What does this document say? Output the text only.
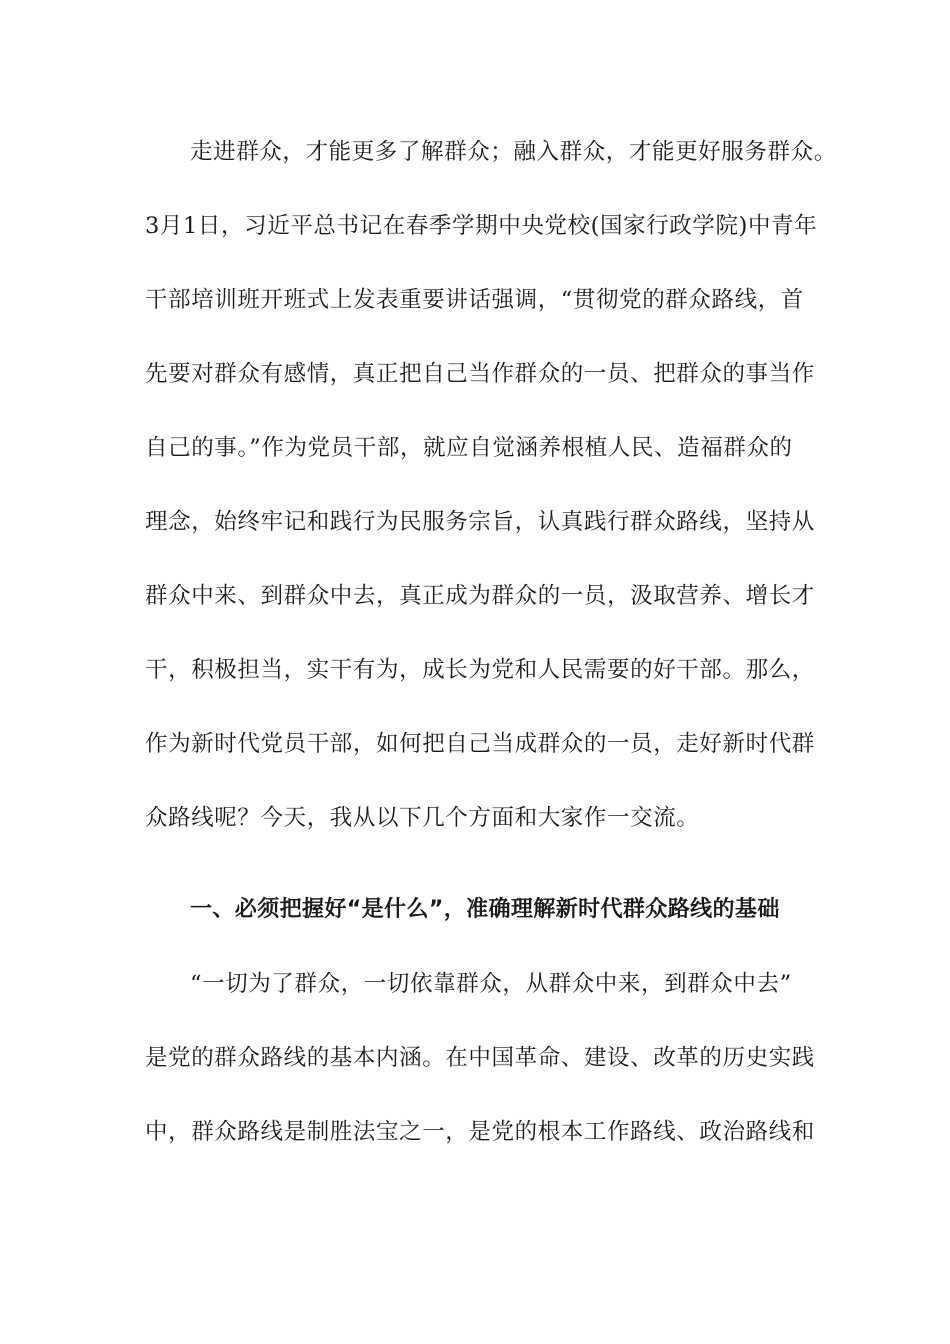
走进群众，才能更多了解群众；融入群众，才能更好服务群众。
3月1日，习近平总书记在春季学期中央党校(国家行政学院)中青年
干部培训班开班式上发表重要讲话强调，“贯彻党的群众路线，首
先要对群众有感情，真正把自己当作群众的一员、把群众的事当作
自己的事。”作为党员干部，就应自觉涵养根植人民、造福群众的
理念，始终牢记和践行为民服务宗旨，认真践行群众路线，坚持从
群众中来、到群众中去，真正成为群众的一员，汲取营养、增长才
干，积极担当，实干有为，成长为党和人民需要的好干部。那么，
作为新时代党员干部，如何把自己当成群众的一员，走好新时代群
众路线呢？今天，我从以下几个方面和大家作一交流。
一、必须把握好“是什么”，准确理解新时代群众路线的基础
“一切为了群众，一切依靠群众，从群众中来，到群众中去”
是党的群众路线的基本内涵。在中国革命、建设、改革的历史实践
中，群众路线是制胜法宝之一，是党的根本工作路线、政治路线和
